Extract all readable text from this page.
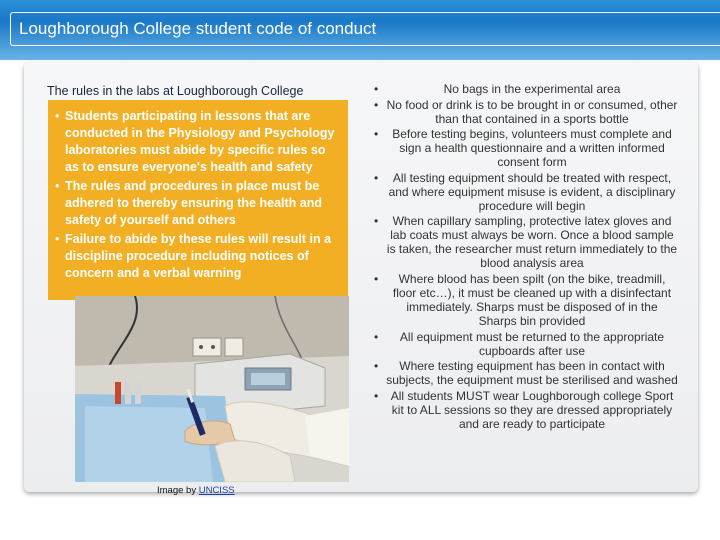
Loughborough College student code of conduct
The rules in the labs at Loughborough College
• Students participating in lessons that are conducted in the Physiology and Psychology laboratories must abide by specific rules so as to ensure everyone's health and safety
• The rules and procedures in place must be adhered to thereby ensuring the health and safety of yourself and others
• Failure to abide by these rules will result in a discipline procedure including notices of concern and a verbal warning
Image by UNCISS
• No bags in the experimental area
• No food or drink is to be brought in or consumed, other than that contained in a sports bottle
• Before testing begins, volunteers must complete and sign a health questionnaire and a written informed consent form
• All testing equipment should be treated with respect, and where equipment misuse is evident, a disciplinary procedure will begin
• When capillary sampling, protective latex gloves and lab coats must always be worn. Once a blood sample is taken, the researcher must return immediately to the blood analysis area
• Where blood has been spilt (on the bike, treadmill, floor etc…), it must be cleaned up with a disinfectant immediately. Sharps must be disposed of in the Sharps bin provided
• All equipment must be returned to the appropriate cupboards after use
• Where testing equipment has been in contact with subjects, the equipment must be sterilised and washed
• All students MUST wear Loughborough college Sport kit to ALL sessions so they are dressed appropriately and are ready to participate
